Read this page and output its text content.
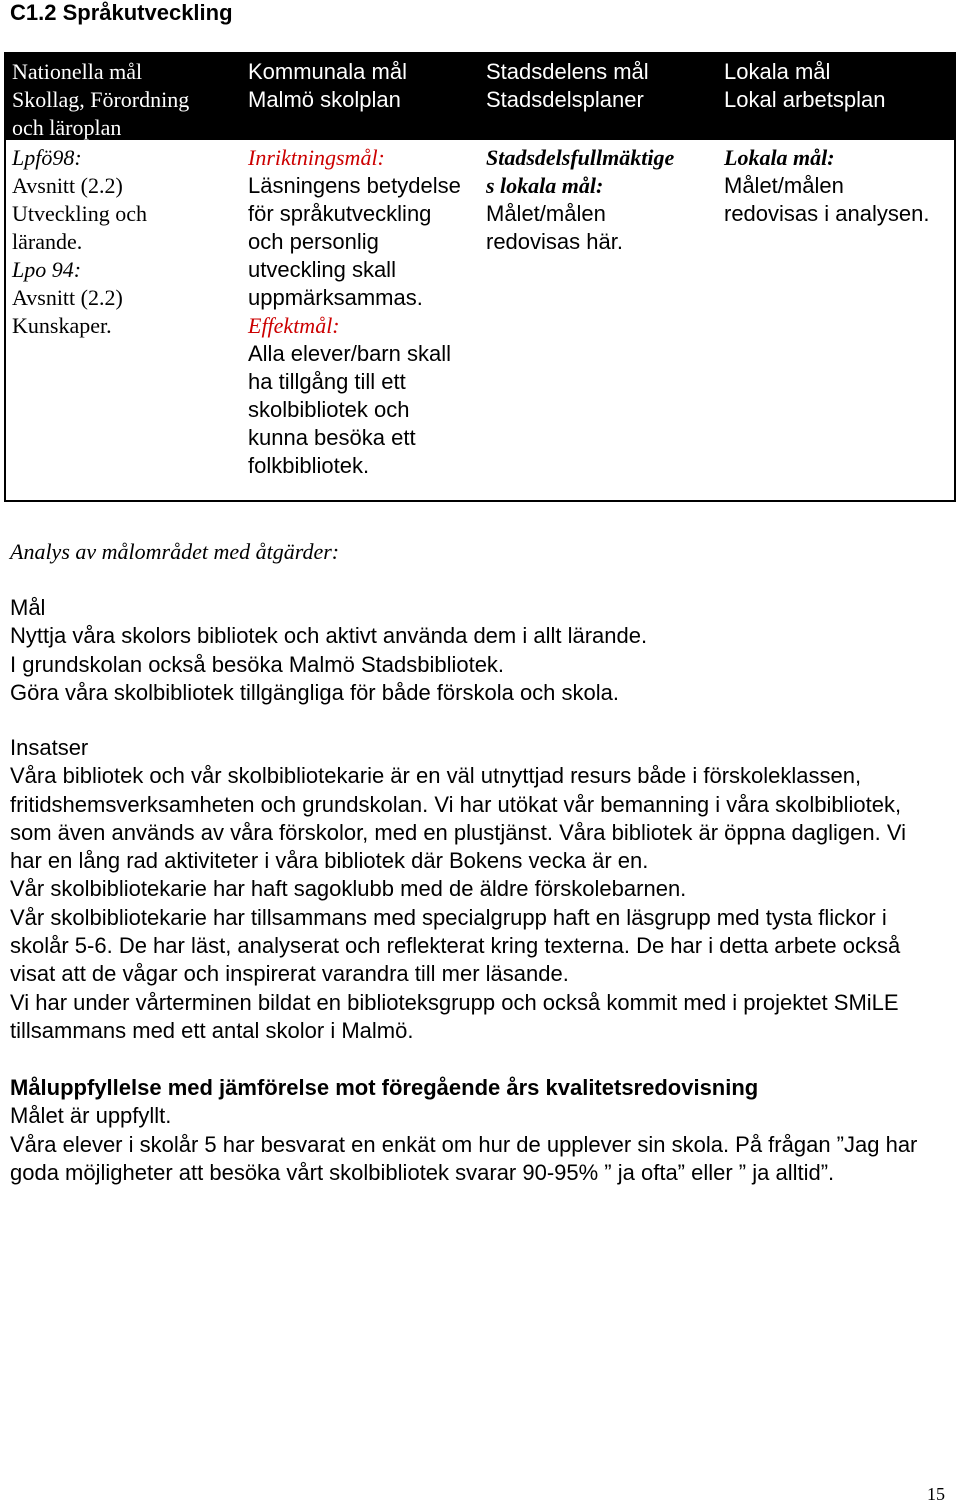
C1.2 Språkutveckling
Nationella mål
Skollag, Förordning
och läroplan
Kommunala mål
Malmö skolplan
Stadsdelens mål
Stadsdelsplaner
Lokala mål
Lokal arbetsplan
Lpfö98:
Avsnitt (2.2)
Utveckling och
lärande.
Lpo 94:
Avsnitt (2.2)
Kunskaper.
Inriktningsmål:
Läsningens betydelse
för språkutveckling
och personlig
utveckling skall
uppmärksammas.
Effektmål:
Alla elever/barn skall
ha tillgång till ett
skolbibliotek och
kunna besöka ett
folkbibliotek.
Stadsdelsfullmäktige
s lokala mål:
Målet/målen
redovisas här.
Lokala mål:
Målet/målen
redovisas i analysen.
Analys av målområdet med åtgärder:
Mål
Nyttja våra skolors bibliotek och aktivt använda dem i allt lärande.
I grundskolan också besöka Malmö Stadsbibliotek.
Göra våra skolbibliotek tillgängliga för både förskola och skola.
Insatser
Våra bibliotek och vår skolbibliotekarie är en väl utnyttjad resurs både i förskoleklassen,
fritidshemsverksamheten och grundskolan. Vi har utökat vår bemanning i våra skolbibliotek,
som även används av våra förskolor, med en plustjänst. Våra bibliotek är öppna dagligen. Vi
har en lång rad aktiviteter i våra bibliotek där Bokens vecka är en.
Vår skolbibliotekarie har haft sagoklubb med de äldre förskolebarnen.
Vår skolbibliotekarie har tillsammans med specialgrupp haft en läsgrupp med tysta flickor i
skolår 5-6. De har läst, analyserat och reflekterat kring texterna. De har i detta arbete också
visat att de vågar och inspirerat varandra till mer läsande.
Vi har under vårterminen bildat en biblioteksgrupp och också kommit med i projektet SMiLE
tillsammans med ett antal skolor i Malmö.
Måluppfyllelse med jämförelse mot föregående års kvalitetsredovisning
Målet är uppfyllt.
Våra elever i skolår 5 har besvarat en enkät om hur de upplever sin skola. På frågan ”Jag har
goda möjligheter att besöka vårt skolbibliotek svarar 90-95% ” ja ofta” eller ” ja alltid”.
15
